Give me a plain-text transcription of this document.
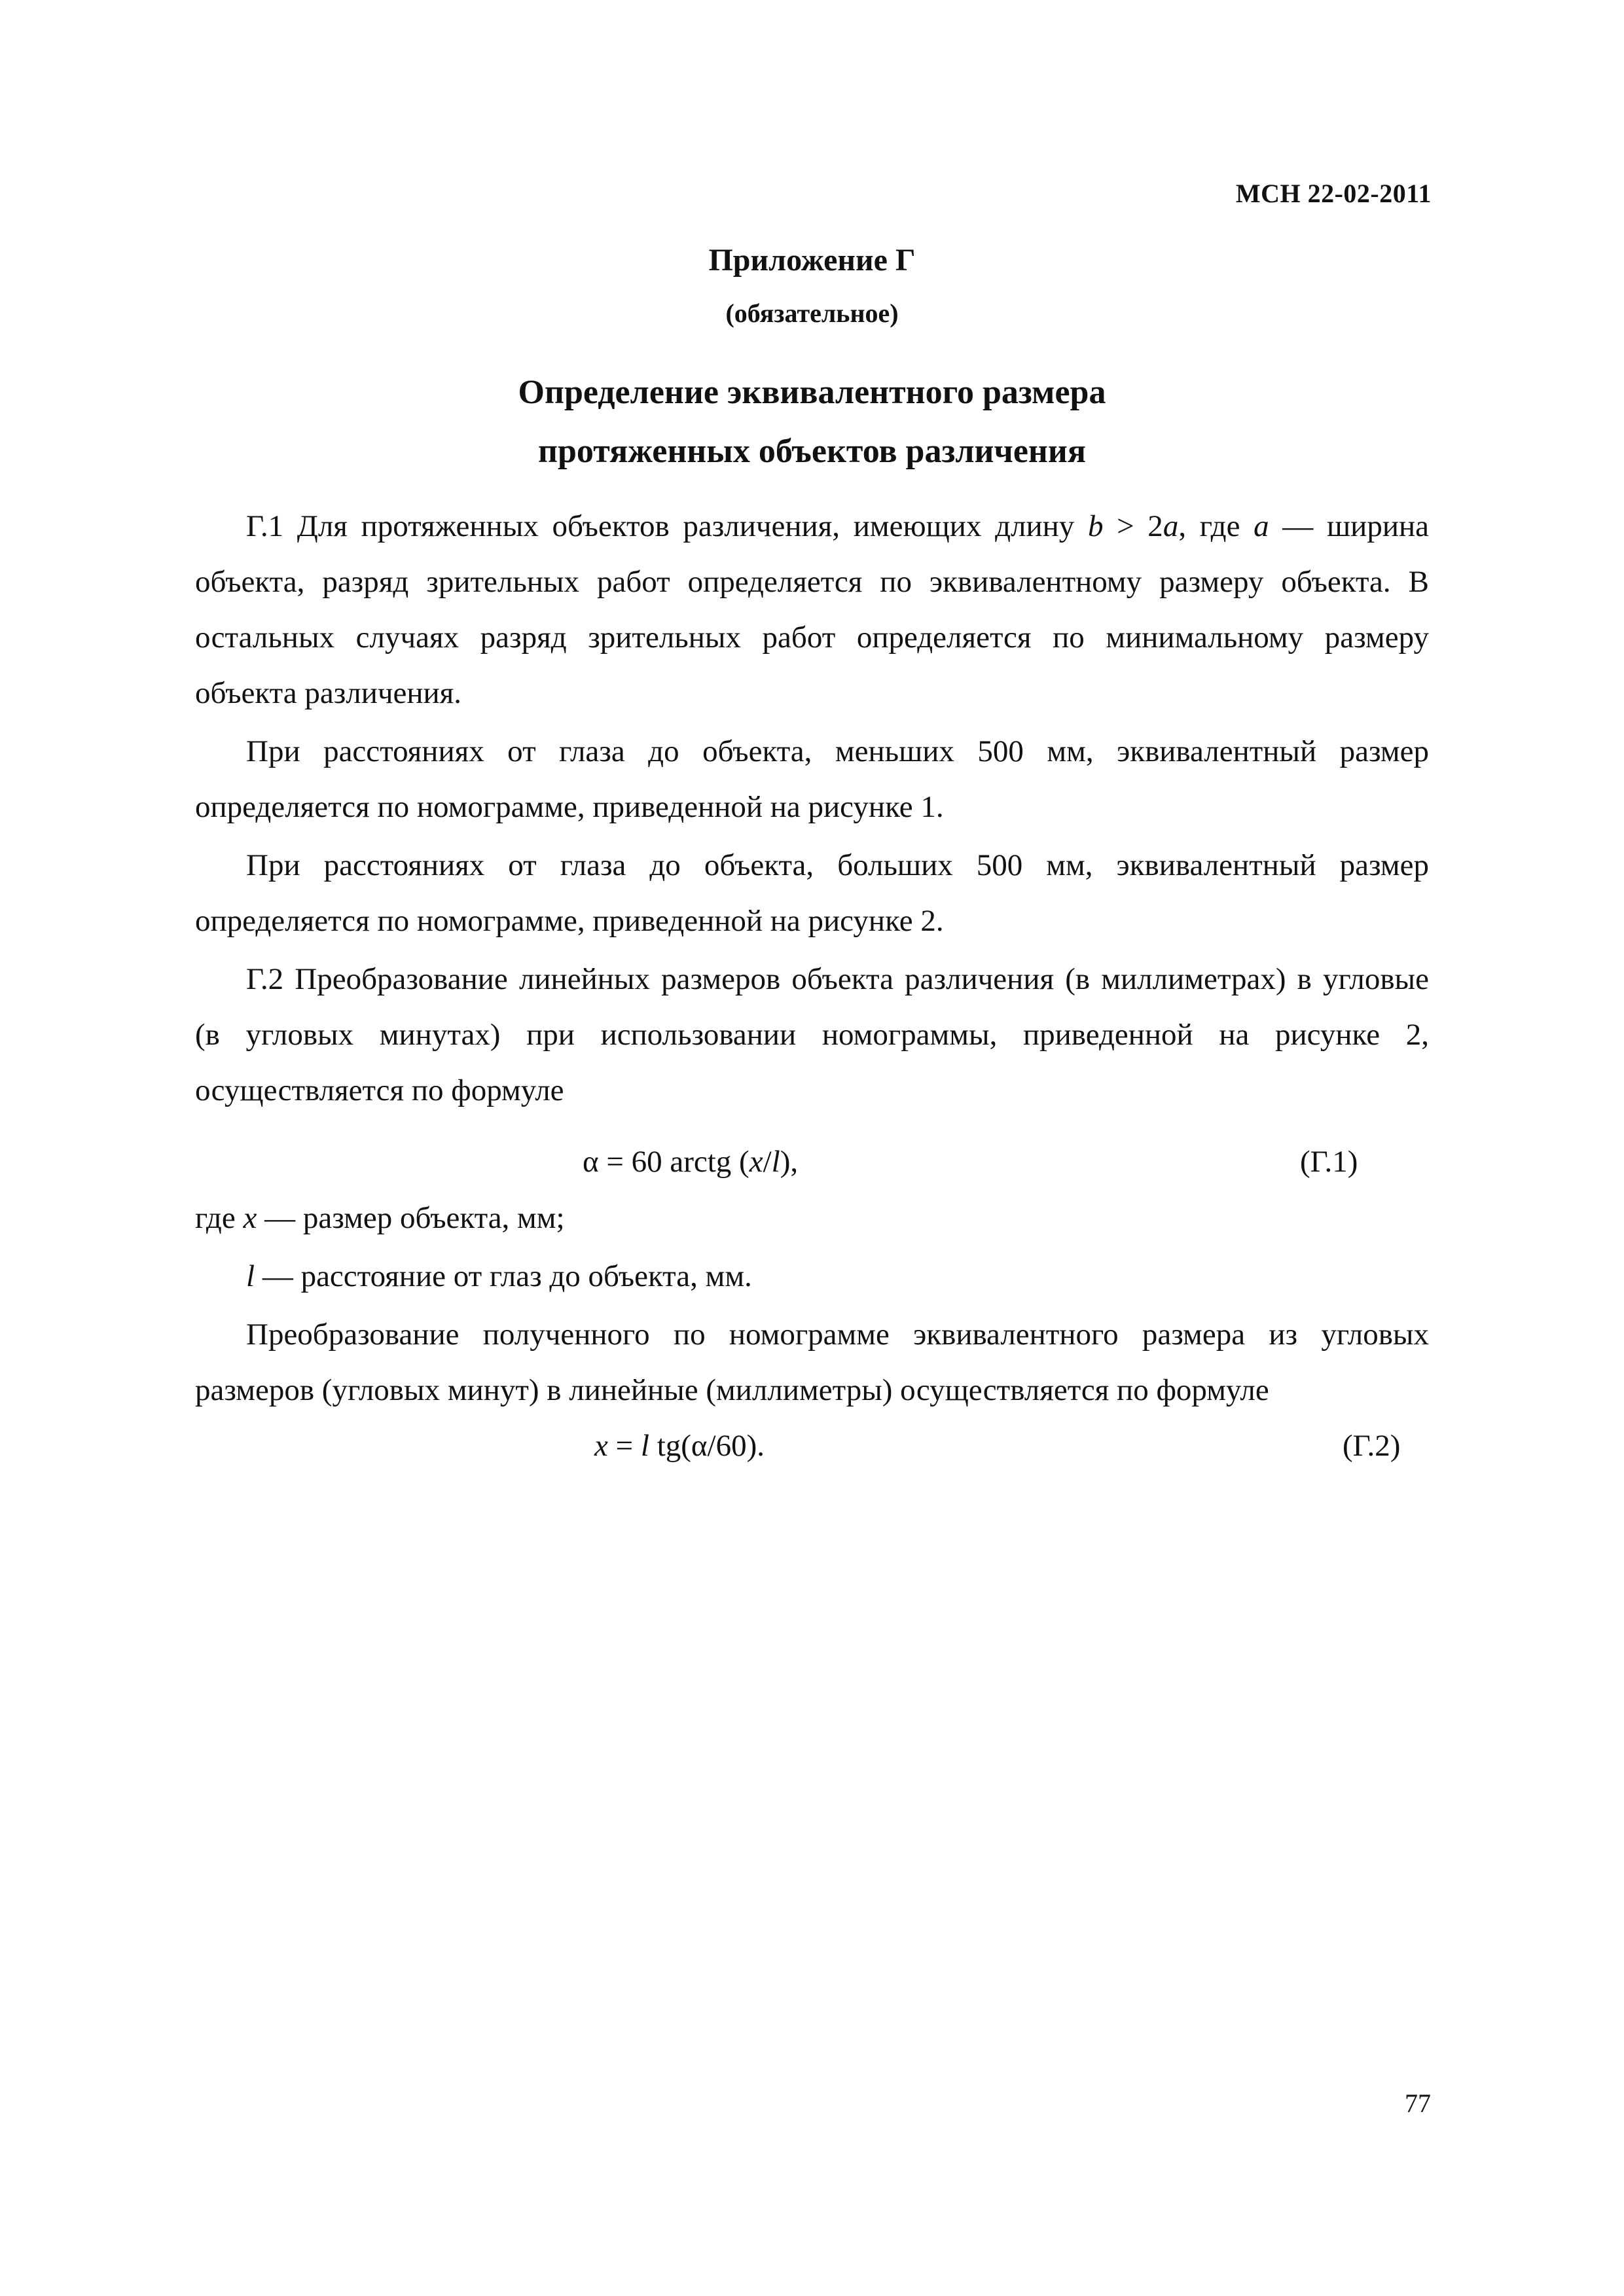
МСН 22-02-2011
Приложение Г
(обязательное)
Определение эквивалентного размера
протяженных объектов различения

Г.1 Для протяженных объектов различения, имеющих длину b > 2a, где a — ширина объекта, разряд зрительных работ определяется по эквивалентному размеру объекта. В остальных случаях разряд зрительных работ определяется по минимальному размеру объекта различения.

При расстояниях от глаза до объекта, меньших 500 мм, эквивалентный размер определяется по номограмме, приведенной на рисунке 1.

При расстояниях от глаза до объекта, больших 500 мм, эквивалентный размер определяется по номограмме, приведенной на рисунке 2.

Г.2 Преобразование линейных размеров объекта различения (в миллиметрах) в угловые (в угловых минутах) при использовании номограммы, приведенной на рисунке 2, осуществляется по формуле

α = 60 arctg (x/l),	(Г.1)

где x — размер объекта, мм;

l — расстояние от глаз до объекта, мм.

Преобразование полученного по номограмме эквивалентного размера из угловых размеров (угловых минут) в линейные (миллиметры) осуществляется по формуле

x = l tg(α/60).	(Г.2)
77
